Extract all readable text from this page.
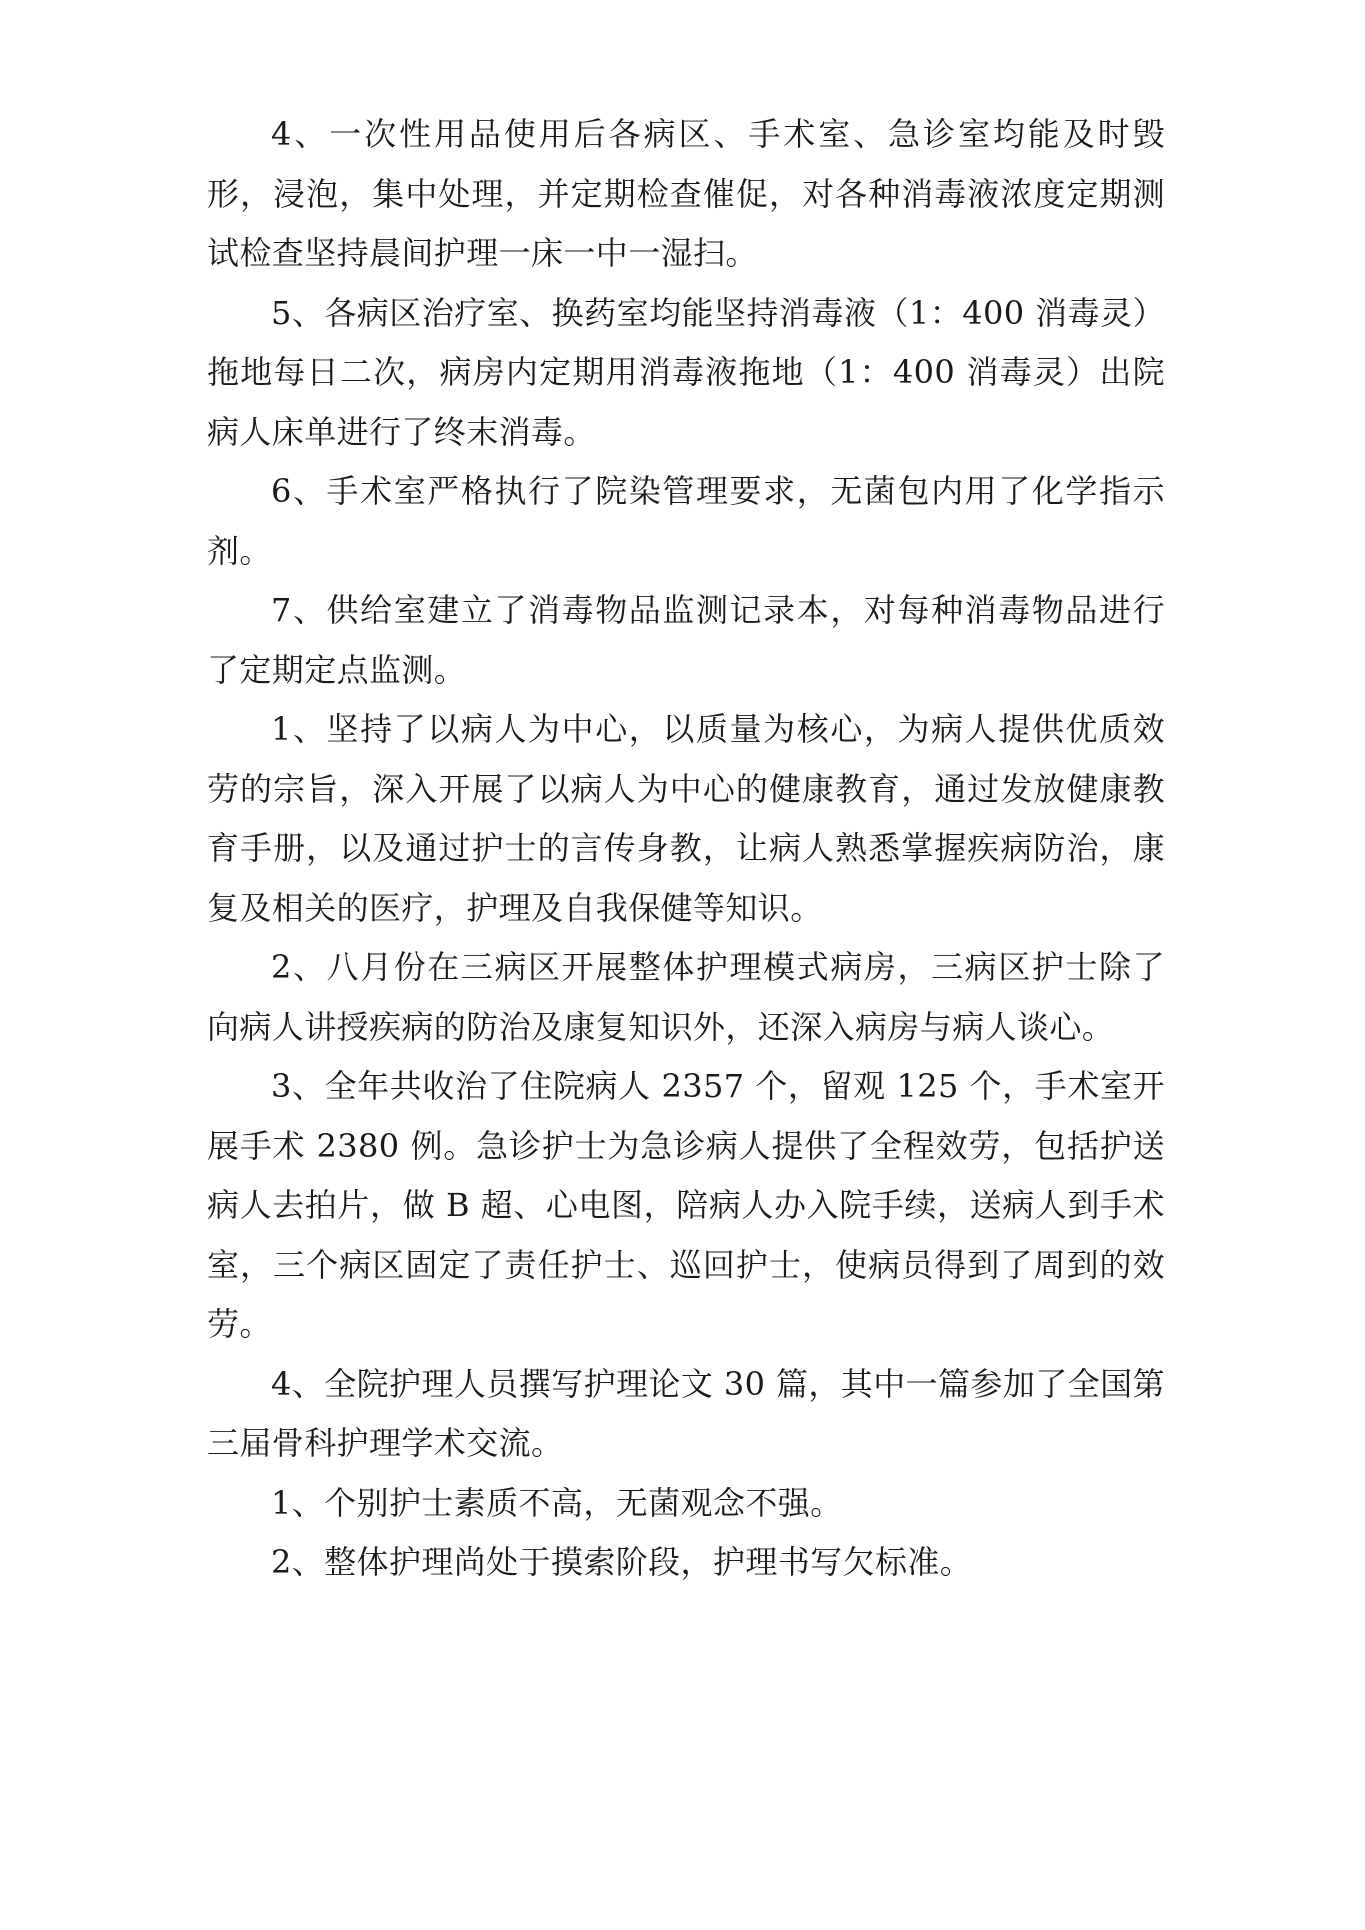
4、一次性用品使用后各病区、手术室、急诊室均能及时毁形，浸泡，集中处理，并定期检查催促，对各种消毒液浓度定期测试检查坚持晨间护理一床一中一湿扫。

5、各病区治疗室、换药室均能坚持消毒液（1：400 消毒灵）拖地每日二次，病房内定期用消毒液拖地（1：400 消毒灵）出院病人床单进行了终末消毒。

6、手术室严格执行了院染管理要求，无菌包内用了化学指示剂。

7、供给室建立了消毒物品监测记录本，对每种消毒物品进行了定期定点监测。

1、坚持了以病人为中心，以质量为核心，为病人提供优质效劳的宗旨，深入开展了以病人为中心的健康教育，通过发放健康教育手册，以及通过护士的言传身教，让病人熟悉掌握疾病防治，康复及相关的医疗，护理及自我保健等知识。

2、八月份在三病区开展整体护理模式病房，三病区护士除了向病人讲授疾病的防治及康复知识外，还深入病房与病人谈心。

3、全年共收治了住院病人 2357 个，留观 125 个，手术室开展手术 2380 例。急诊护士为急诊病人提供了全程效劳，包括护送病人去拍片，做 B 超、心电图，陪病人办入院手续，送病人到手术室，三个病区固定了责任护士、巡回护士，使病员得到了周到的效劳。

4、全院护理人员撰写护理论文 30 篇，其中一篇参加了全国第三届骨科护理学术交流。

1、个别护士素质不高，无菌观念不强。

2、整体护理尚处于摸索阶段，护理书写欠标准。
